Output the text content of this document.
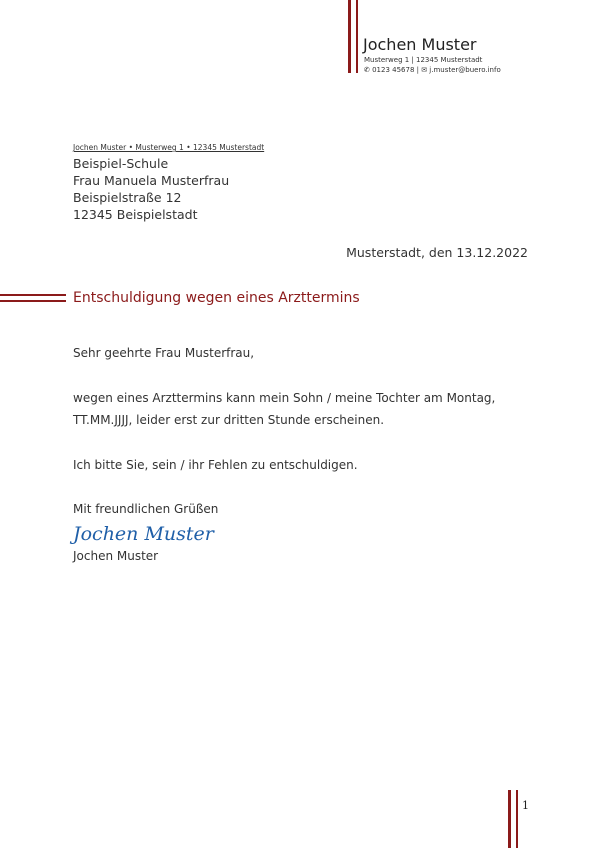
Jochen Muster
Musterweg 1 | 12345 Musterstadt
✆ 0123 45678 | ✉ j.muster@buero.info
Jochen Muster • Musterweg 1 • 12345 Musterstadt
Beispiel-Schule
Frau Manuela Musterfrau
Beispielstraße 12
12345 Beispielstadt
Musterstadt, den 13.12.2022
Entschuldigung wegen eines Arzttermins
Sehr geehrte Frau Musterfrau,
wegen eines Arzttermins kann mein Sohn / meine Tochter am Montag,
TT.MM.JJJJ, leider erst zur dritten Stunde erscheinen.
Ich bitte Sie, sein / ihr Fehlen zu entschuldigen.
Mit freundlichen Grüßen
Jochen Muster
Jochen Muster
1
